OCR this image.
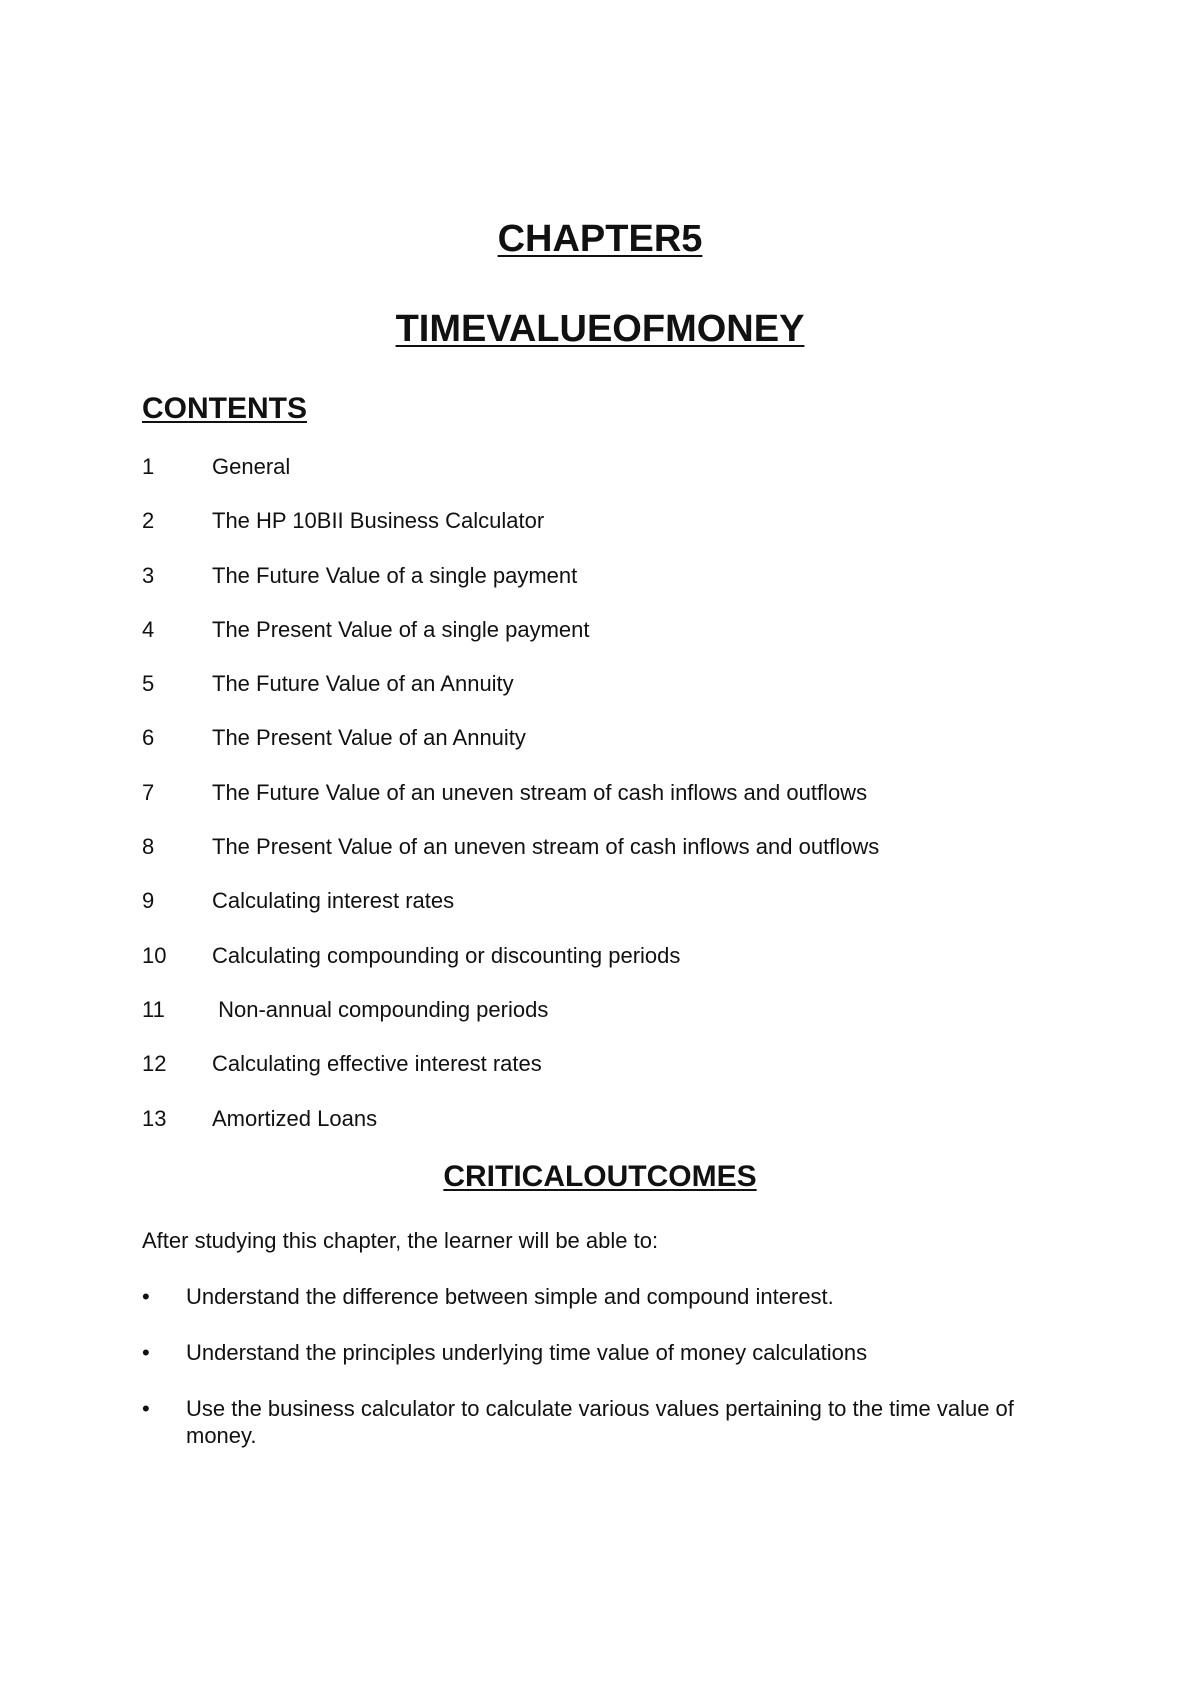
CHAPTER5
TIMEVALUEOFMONEY
CONTENTS
1	General
2	The HP 10BII Business Calculator
3	The Future Value of a single payment
4	The Present Value of a single payment
5	The Future Value of an Annuity
6	The Present Value of an Annuity
7	The Future Value of an uneven stream of cash inflows and outflows
8	The Present Value of an uneven stream of cash inflows and outflows
9	Calculating interest rates
10	Calculating compounding or discounting periods
11	Non-annual compounding periods
12	Calculating effective interest rates
13	Amortized Loans
CRITICALOUTCOMES

After studying this chapter, the learner will be able to:

•	Understand the difference between simple and compound interest.
•	Understand the principles underlying time value of money calculations
•	Use the business calculator to calculate various values pertaining to the time value of money.
